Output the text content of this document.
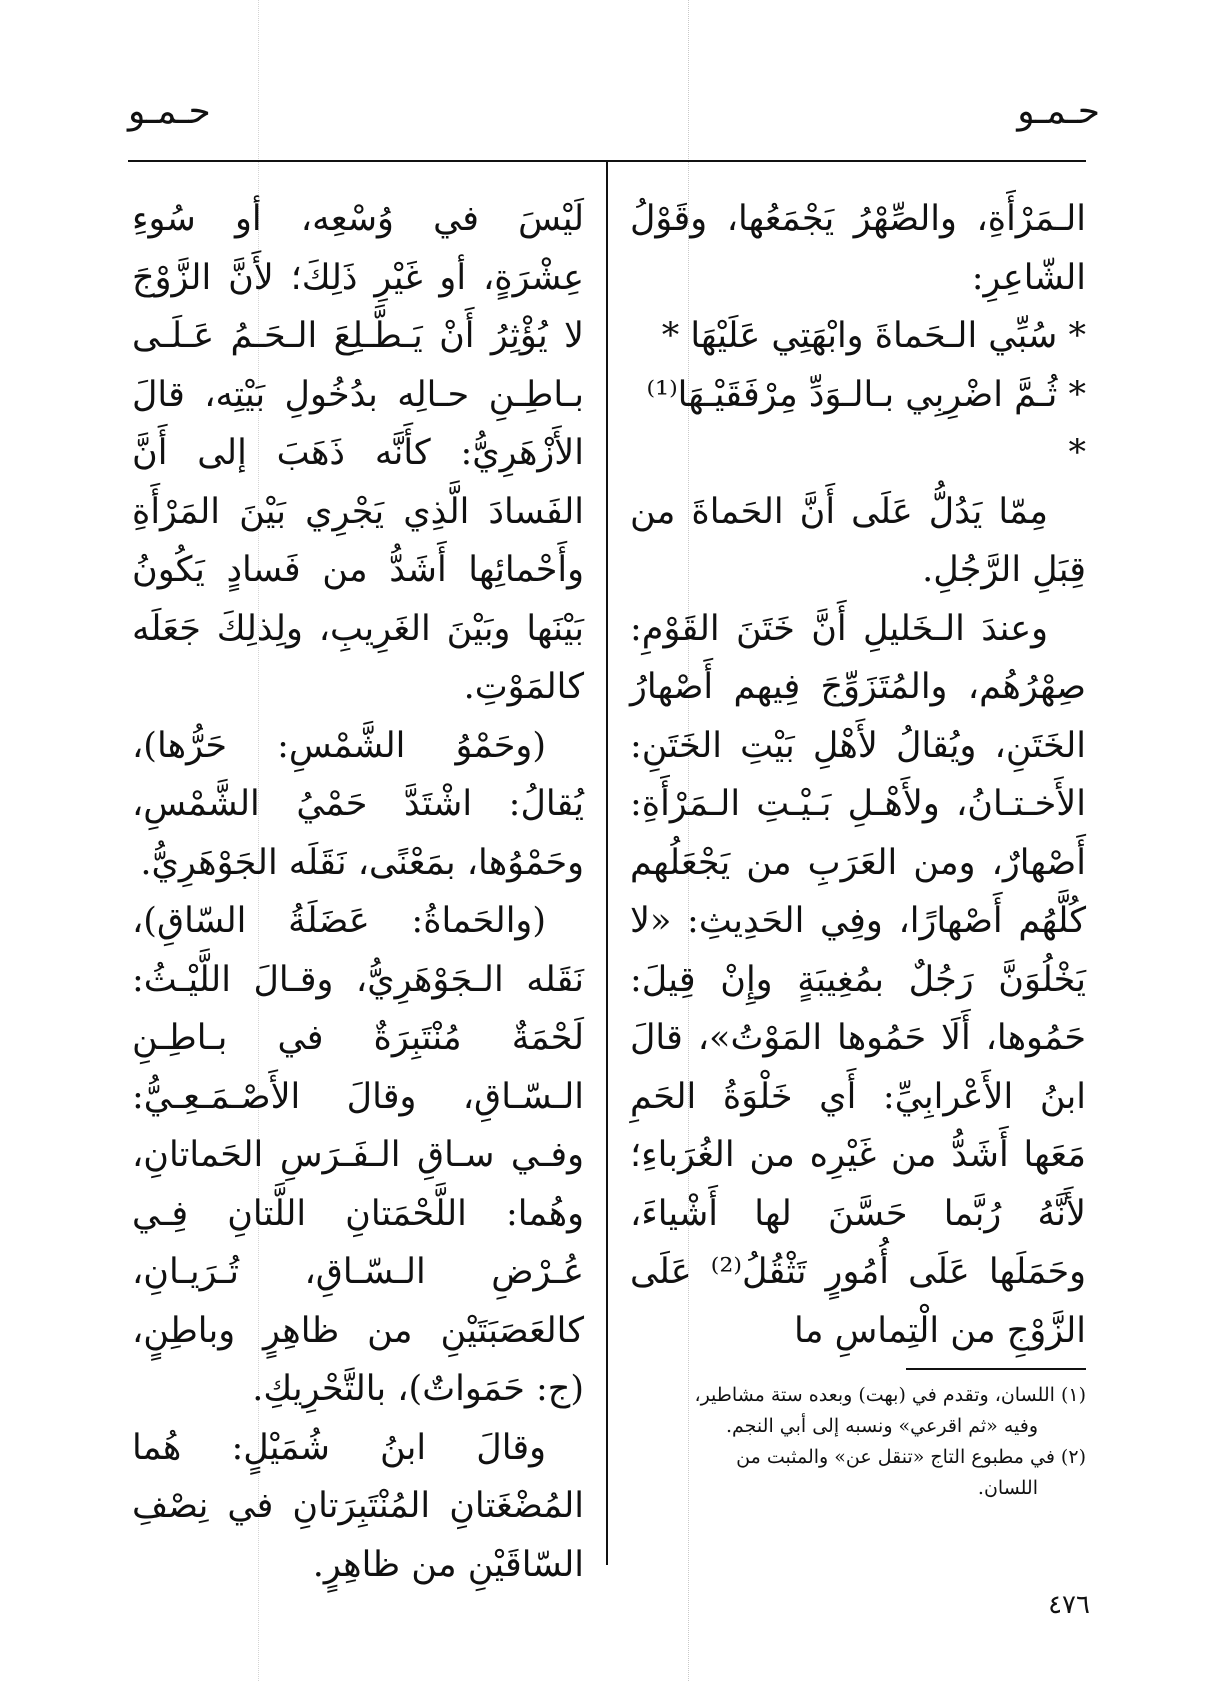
حـمـو
حـمـو

الـمَرْأَةِ، والصِّهْرُ يَجْمَعُها، وقَوْلُ الشّاعِرِ:

* سُبِّي الـحَماةَ وابْهَتِي عَلَيْهَا *

* ثُـمَّ اضْرِبِي بـالـوَدِّ مِرْفَقَيْـهَا⁽¹⁾ *

مِمّا يَدُلُّ عَلَى أَنَّ الحَماةَ من قِبَلِ الرَّجُلِ.

وعندَ الـخَليلِ أَنَّ خَتَنَ القَوْمِ: صِهْرُهُم، والمُتَزَوِّجَ فِيهم أَصْهارُ الخَتَنِ، ويُقالُ لأَهْلِ بَيْتِ الخَتَنِ: الأَخـتـانُ، ولأَهْـلِ بَـيْـتِ الـمَرْأَةِ: أَصْهارٌ، ومن العَرَبِ من يَجْعَلُهم كُلَّهُم أَصْهارًا، وفِي الحَدِيثِ: «لا يَخْلُوَنَّ رَجُلٌ بمُغِيبَةٍ وإِنْ قِيلَ: حَمُوها، أَلَا حَمُوها المَوْتُ»، قالَ ابنُ الأَعْرابِيِّ: أَي خَلْوَةُ الحَمِ مَعَها أَشَدُّ من غَيْرِه من الغُرَباءِ؛ لأَنَّهُ رُبَّما حَسَّنَ لها أَشْياءَ، وحَمَلَها عَلَى أُمُورٍ تَثْقُلُ⁽²⁾ عَلَى الزَّوْجِ من الْتِماسِ ما

لَيْسَ في وُسْعِه، أو سُوءِ عِشْرَةٍ، أو غَيْرِ ذَلِكَ؛ لأَنَّ الزَّوْجَ لا يُؤْثِرُ أَنْ يَـطَّـلِعَ الـحَـمُ عَـلَـى بـاطِـنِ حـالِه بدُخُولِ بَيْتِه، قالَ الأَزْهَرِيُّ: كأَنَّه ذَهَبَ إلى أَنَّ الفَسادَ الَّذِي يَجْرِي بَيْنَ المَرْأَةِ وأَحْمائِها أَشَدُّ من فَسادٍ يَكُونُ بَيْنَها وبَيْنَ الغَرِيبِ، ولِذلِكَ جَعَلَه كالمَوْتِ.

(وحَمْوُ الشَّمْسِ: حَرُّها)، يُقالُ: اشْتَدَّ حَمْيُ الشَّمْسِ، وحَمْوُها، بمَعْنًى، نَقَلَه الجَوْهَرِيُّ.

(والحَماةُ: عَضَلَةُ السّاقِ)، نَقَله الـجَوْهَرِيُّ، وقـالَ اللَّيْـثُ: لَحْمَةٌ مُنْتَبِرَةٌ في بـاطِـنِ الـسّـاقِ، وقالَ الأَصْـمَـعِـيُّ: وفـي سـاقِ الـفَـرَسِ الحَماتانِ، وهُما: اللَّحْمَتانِ اللَّتانِ فِـي عُـرْضِ الـسّـاقِ، تُـرَيـانِ، كالعَصَبَتَيْنِ من ظاهِرٍ وباطِنٍ، (ج: حَمَواتٌ)، بالتَّحْرِيكِ.

وقالَ ابنُ شُمَيْلٍ: هُما المُضْغَتانِ المُنْتَبِرَتانِ في نِصْفِ السّاقَيْنِ من ظاهِرٍ.

(١) اللسان، وتقدم في (بهت) وبعده ستة مشاطير،

وفيه «ثم اقرعي» ونسبه إلى أبي النجم.

(٢) في مطبوع التاج «تنقل عن» والمثبت من

اللسان.

٤٧٦
